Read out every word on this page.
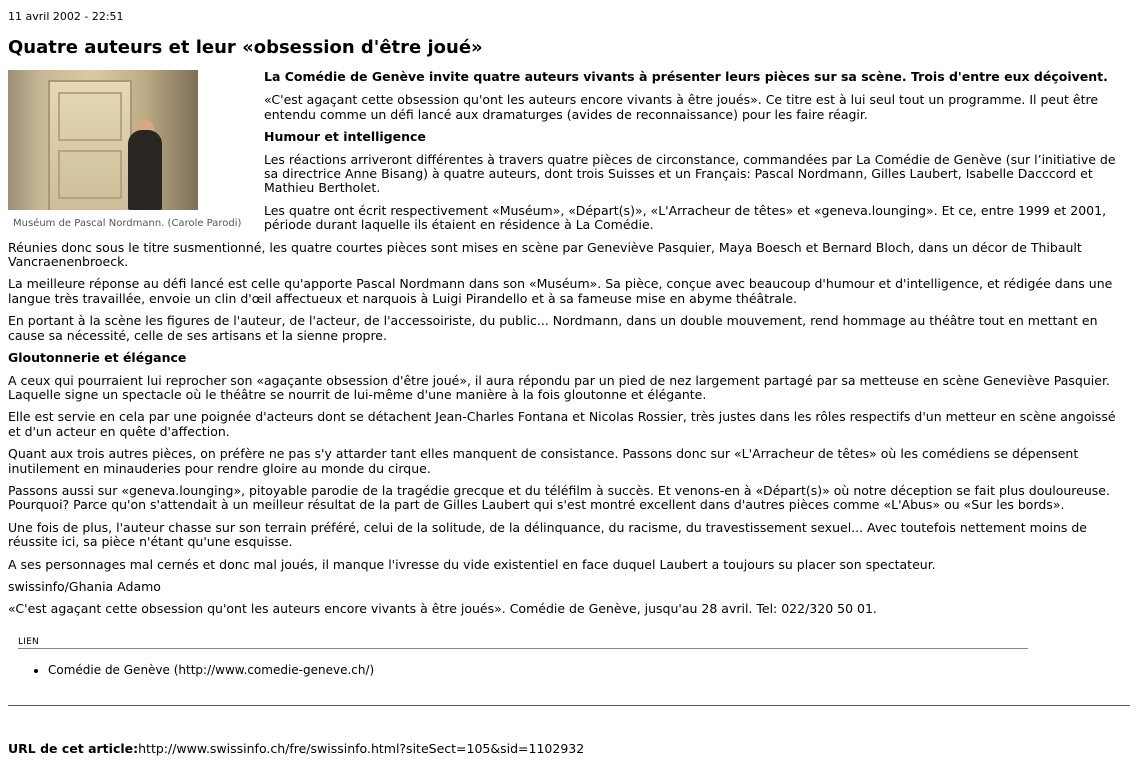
11 avril 2002 - 22:51
Quatre auteurs et leur «obsession d'être joué»
Muséum de Pascal Nordmann. (Carole Parodi)
La Comédie de Genève invite quatre auteurs vivants à présenter leurs pièces sur sa scène. Trois d'entre eux déçoivent.

«C'est agaçant cette obsession qu'ont les auteurs encore vivants à être joués». Ce titre est à lui seul tout un programme. Il peut être entendu comme un défi lancé aux dramaturges (avides de reconnaissance) pour les faire réagir.

Humour et intelligence

Les réactions arriveront différentes à travers quatre pièces de circonstance, commandées par La Comédie de Genève (sur l’initiative de sa directrice Anne Bisang) à quatre auteurs, dont trois Suisses et un Français: Pascal Nordmann, Gilles Laubert, Isabelle Dacccord et Mathieu Bertholet.

Les quatre ont écrit respectivement «Muséum», «Départ(s)», «L'Arracheur de têtes» et «geneva.lounging». Et ce, entre 1999 et 2001, période durant laquelle ils étaient en résidence à La Comédie.

Réunies donc sous le titre susmentionné, les quatre courtes pièces sont mises en scène par Geneviève Pasquier, Maya Boesch et Bernard Bloch, dans un décor de Thibault Vancraenenbroeck.

La meilleure réponse au défi lancé est celle qu'apporte Pascal Nordmann dans son «Muséum». Sa pièce, conçue avec beaucoup d'humour et d'intelligence, et rédigée dans une langue très travaillée, envoie un clin d'œil affectueux et narquois à Luigi Pirandello et à sa fameuse mise en abyme théâtrale.

En portant à la scène les figures de l'auteur, de l'acteur, de l'accessoiriste, du public... Nordmann, dans un double mouvement, rend hommage au théâtre tout en mettant en cause sa nécessité, celle de ses artisans et la sienne propre.

Gloutonnerie et élégance

A ceux qui pourraient lui reprocher son «agaçante obsession d'être joué», il aura répondu par un pied de nez largement partagé par sa metteuse en scène Geneviève Pasquier. Laquelle signe un spectacle où le théâtre se nourrit de lui-même d'une manière à la fois gloutonne et élégante.

Elle est servie en cela par une poignée d'acteurs dont se détachent Jean-Charles Fontana et Nicolas Rossier, très justes dans les rôles respectifs d'un metteur en scène angoissé et d'un acteur en quête d'affection.

Quant aux trois autres pièces, on préfère ne pas s'y attarder tant elles manquent de consistance. Passons donc sur «L'Arracheur de têtes» où les comédiens se dépensent inutilement en minauderies pour rendre gloire au monde du cirque.

Passons aussi sur «geneva.lounging», pitoyable parodie de la tragédie grecque et du téléfilm à succès. Et venons-en à «Départ(s)» où notre déception se fait plus douloureuse. Pourquoi? Parce qu'on s'attendait à un meilleur résultat de la part de Gilles Laubert qui s'est montré excellent dans d'autres pièces comme «L'Abus» ou «Sur les bords».

Une fois de plus, l'auteur chasse sur son terrain préféré, celui de la solitude, de la délinquance, du racisme, du travestissement sexuel... Avec toutefois nettement moins de réussite ici, sa pièce n'étant qu'une esquisse.

A ses personnages mal cernés et donc mal joués, il manque l'ivresse du vide existentiel en face duquel Laubert a toujours su placer son spectateur.

swissinfo/Ghania Adamo

«C'est agaçant cette obsession qu'ont les auteurs encore vivants à être joués». Comédie de Genève, jusqu'au 28 avril. Tel: 022/320 50 01.

LIEN
• Comédie de Genève (http://www.comedie-geneve.ch/)
URL de cet article:http://www.swissinfo.ch/fre/swissinfo.html?siteSect=105&sid=1102932
